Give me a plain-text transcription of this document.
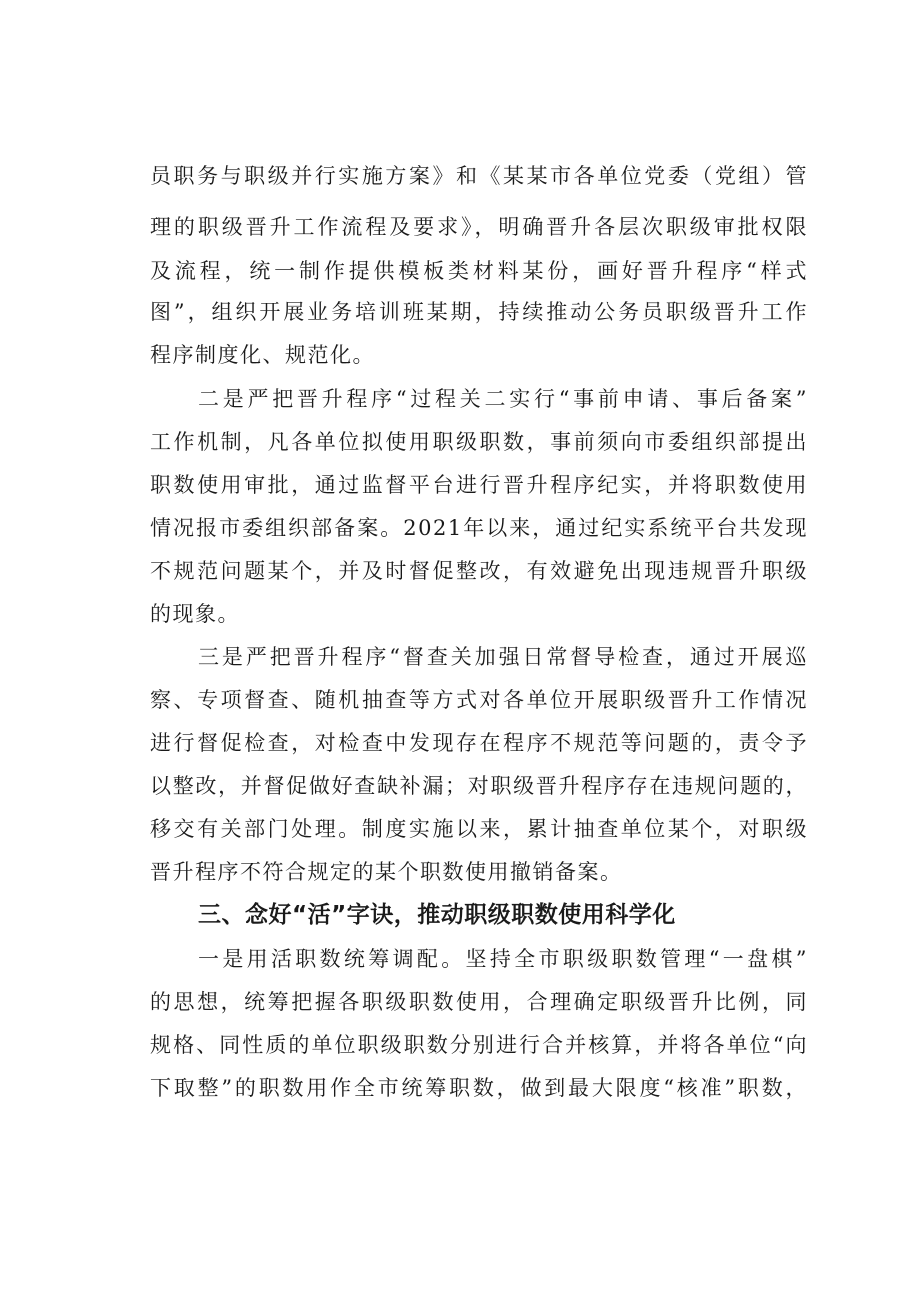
员职务与职级并行实施方案》和《某某市各单位党委（党组）管
理的职级晋升工作流程及要求》，明确晋升各层次职级审批权限
及流程，统一制作提供模板类材料某份，画好晋升程序“样式
图”，组织开展业务培训班某期，持续推动公务员职级晋升工作
程序制度化、规范化。
二是严把晋升程序“过程关二实行“事前申请、事后备案”
工作机制，凡各单位拟使用职级职数，事前须向市委组织部提出
职数使用审批，通过监督平台进行晋升程序纪实，并将职数使用
情况报市委组织部备案。2021年以来，通过纪实系统平台共发现
不规范问题某个，并及时督促整改，有效避免出现违规晋升职级
的现象。
三是严把晋升程序“督查关加强日常督导检查，通过开展巡
察、专项督查、随机抽查等方式对各单位开展职级晋升工作情况
进行督促检查，对检查中发现存在程序不规范等问题的，责令予
以整改，并督促做好查缺补漏；对职级晋升程序存在违规问题的，
移交有关部门处理。制度实施以来，累计抽查单位某个，对职级
晋升程序不符合规定的某个职数使用撤销备案。
一是用活职数统筹调配。坚持全市职级职数管理“一盘棋”
的思想，统筹把握各职级职数使用，合理确定职级晋升比例，同
规格、同性质的单位职级职数分别进行合并核算，并将各单位“向
下取整”的职数用作全市统筹职数，做到最大限度“核准”职数，
三、念好“活”字诀，推动职级职数使用科学化
